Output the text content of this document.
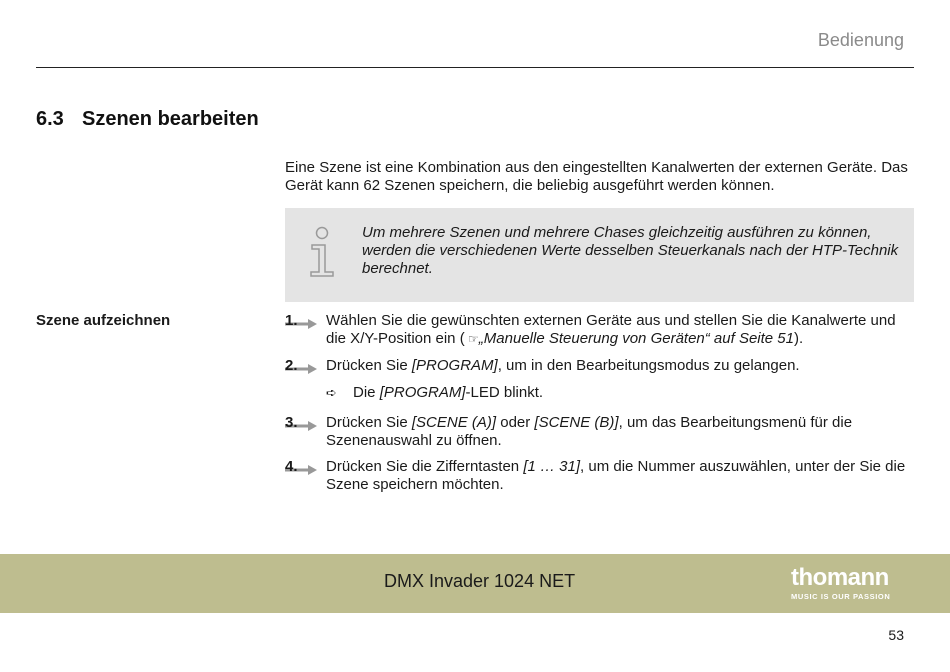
Bedienung
6.3 Szenen bearbeiten
Eine Szene ist eine Kombination aus den eingestellten Kanalwerten der externen Geräte. Das Gerät kann 62 Szenen speichern, die beliebig ausgeführt werden können.
Um mehrere Szenen und mehrere Chases gleichzeitig ausführen zu können, werden die verschiedenen Werte desselben Steuerkanals nach der HTP-Technik berechnet.
Szene aufzeichnen	1.	Wählen Sie die gewünschten externen Geräte aus und stellen Sie die Kanalwerte und die X/Y-Position ein ( ☞„Manuelle Steuerung von Geräten“ auf Seite 51).
2.	Drücken Sie [PROGRAM], um in den Bearbeitungsmodus zu gelangen.
➪ Die [PROGRAM]-LED blinkt.
3.	Drücken Sie [SCENE (A)] oder [SCENE (B)], um das Bearbeitungsmenü für die Szenenauswahl zu öffnen.
4.	Drücken Sie die Zifferntasten [1 … 31], um die Nummer auszuwählen, unter der Sie die Szene speichern möchten.
DMX Invader 1024 NET	thomann
MUSIC IS OUR PASSION
53
